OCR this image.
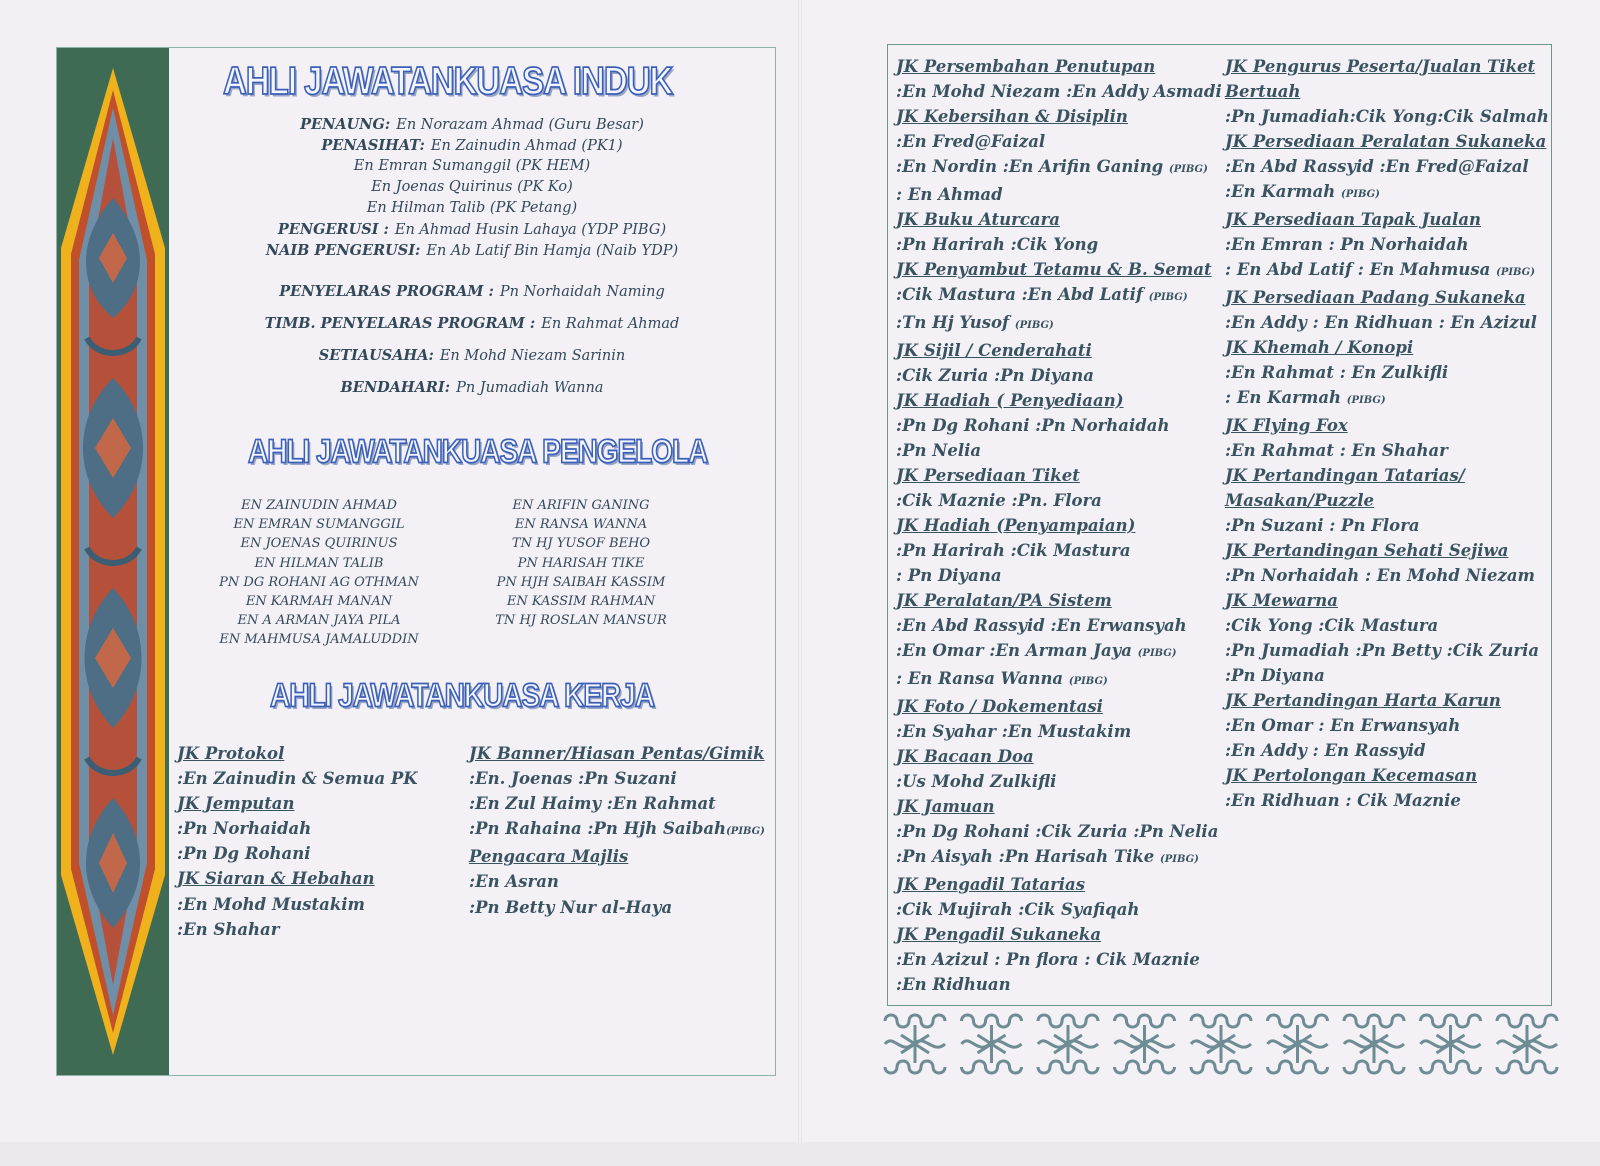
AHLI JAWATANKUASA INDUK
PENAUNG: En Norazam Ahmad (Guru Besar)
PENASIHAT: En Zainudin Ahmad (PK1)
En Emran Sumanggil (PK HEM)
En Joenas Quirinus (PK Ko)
En Hilman Talib (PK Petang)
PENGERUSI : En Ahmad Husin Lahaya (YDP PIBG)
NAIB PENGERUSI: En Ab Latif Bin Hamja (Naib YDP)
PENYELARAS PROGRAM : Pn Norhaidah Naming
TIMB. PENYELARAS PROGRAM : En Rahmat Ahmad
SETIAUSAHA: En Mohd Niezam Sarinin
BENDAHARI: Pn Jumadiah Wanna
AHLI JAWATANKUASA PENGELOLA
EN ZAINUDIN AHMAD
EN EMRAN SUMANGGIL
EN JOENAS QUIRINUS
EN HILMAN TALIB
PN DG ROHANI AG OTHMAN
EN KARMAH MANAN
EN A ARMAN JAYA PILA
EN MAHMUSA JAMALUDDIN
EN ARIFIN GANING
EN RANSA WANNA
TN HJ YUSOF BEHO
PN HARISAH TIKE
PN HJH SAIBAH KASSIM
EN KASSIM RAHMAN
TN HJ ROSLAN MANSUR
AHLI JAWATANKUASA KERJA
JK Protokol
:En Zainudin & Semua PK
JK Jemputan
:Pn Norhaidah
:Pn Dg Rohani
JK Siaran & Hebahan
:En Mohd Mustakim
:En Shahar
JK Banner/Hiasan Pentas/Gimik
:En. Joenas :Pn Suzani
:En Zul Haimy :En Rahmat
:Pn Rahaina :Pn Hjh Saibah(PIBG)
Pengacara Majlis
:En Asran
:Pn Betty Nur al-Haya
JK Persembahan Penutupan
:En Mohd Niezam :En Addy Asmadi
JK Kebersihan & Disiplin
:En Fred@Faizal
:En Nordin :En Arifin Ganing (PIBG)
: En Ahmad
JK Buku Aturcara
:Pn Harirah :Cik Yong
JK Penyambut Tetamu & B. Semat
:Cik Mastura :En Abd Latif (PIBG)
:Tn Hj Yusof (PIBG)
JK Sijil / Cenderahati
:Cik Zuria :Pn Diyana
JK Hadiah ( Penyediaan)
:Pn Dg Rohani :Pn Norhaidah
:Pn Nelia
JK Persediaan Tiket
:Cik Maznie :Pn. Flora
JK Hadiah (Penyampaian)
:Pn Harirah :Cik Mastura
: Pn Diyana
JK Peralatan/PA Sistem
:En Abd Rassyid :En Erwansyah
:En Omar :En Arman Jaya (PIBG)
: En Ransa Wanna (PIBG)
JK Foto / Dokementasi
:En Syahar :En Mustakim
JK Bacaan Doa
:Us Mohd Zulkifli
JK Jamuan
:Pn Dg Rohani :Cik Zuria :Pn Nelia
:Pn Aisyah :Pn Harisah Tike (PIBG)
JK Pengadil Tatarias
:Cik Mujirah :Cik Syafiqah
JK Pengadil Sukaneka
:En Azizul : Pn flora : Cik Maznie
:En Ridhuan
JK Pengurus Peserta/Jualan Tiket Bertuah
:Pn Jumadiah:Cik Yong:Cik Salmah
JK Persediaan Peralatan Sukaneka
:En Abd Rassyid :En Fred@Faizal
:En Karmah (PIBG)
JK Persediaan Tapak Jualan
:En Emran : Pn Norhaidah
: En Abd Latif : En Mahmusa (PIBG)
JK Persediaan Padang Sukaneka
:En Addy : En Ridhuan : En Azizul
JK Khemah / Konopi
:En Rahmat : En Zulkifli
: En Karmah (PIBG)
JK Flying Fox
:En Rahmat : En Shahar
JK Pertandingan Tatarias/ Masakan/Puzzle
:Pn Suzani : Pn Flora
JK Pertandingan Sehati Sejiwa
:Pn Norhaidah : En Mohd Niezam
JK Mewarna
:Cik Yong :Cik Mastura
:Pn Jumadiah :Pn Betty :Cik Zuria
:Pn Diyana
JK Pertandingan Harta Karun
:En Omar : En Erwansyah
:En Addy : En Rassyid
JK Pertolongan Kecemasan
:En Ridhuan : Cik Maznie
